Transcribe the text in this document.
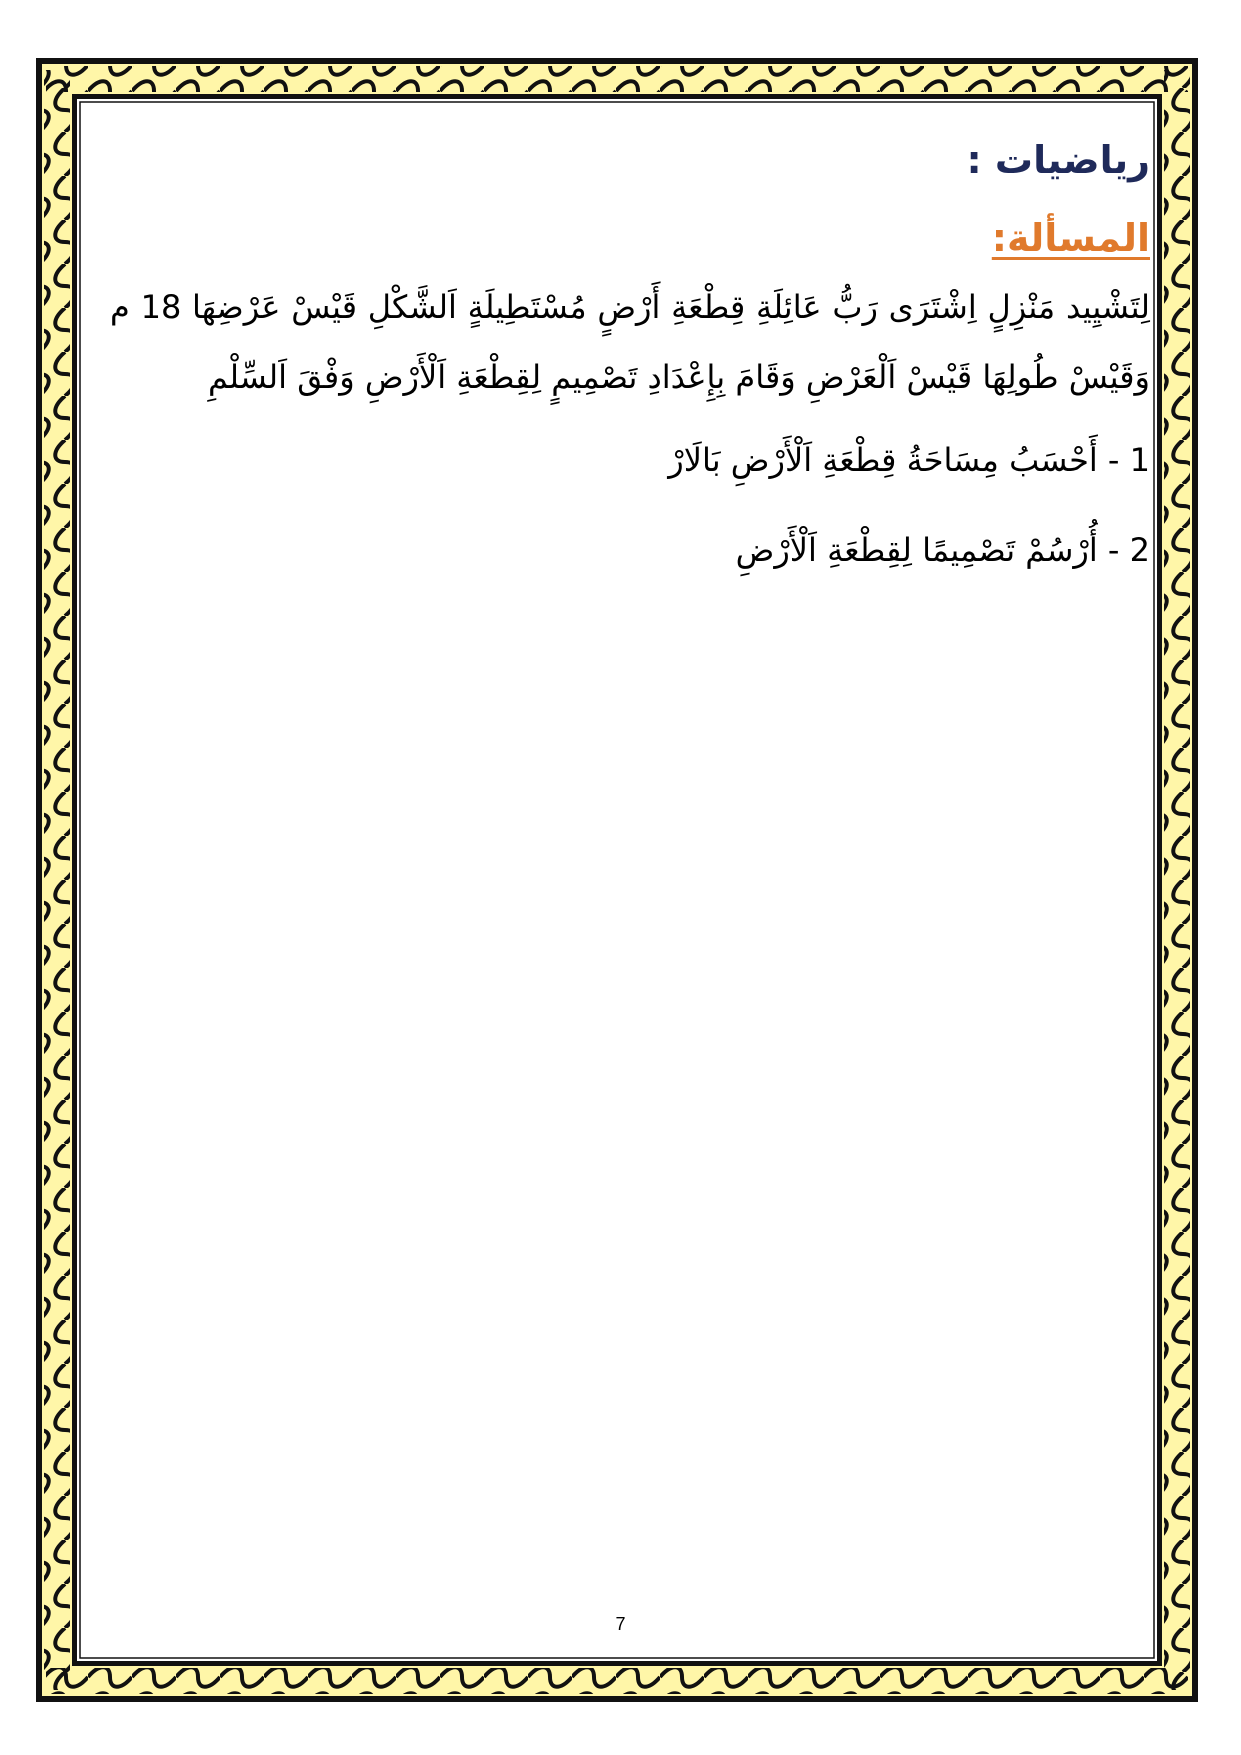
رياضيات :
المسألة:
لِتَشْيِيد مَنْزِلٍ اِشْتَرَى رَبُّ عَائِلَةِ قِطْعَةِ أَرْضٍ مُسْتَطِيلَةٍ اَلشَّكْلِ قَيْسْ عَرْضِهَا 18 م وَقَيْسْ طُولِهَا قَيْسْ اَلْعَرْضِ وَقَامَ بِإِعْدَادِ تَصْمِيمٍ لِقِطْعَةِ اَلْأَرْضِ وَفْقَ اَلسِّلْمِ
1 - أَحْسَبُ مِسَاحَةُ قِطْعَةِ اَلْأَرْضِ بَالَارْ
2 - أُرْسُمْ تَصْمِيمًا لِقِطْعَةِ اَلْأَرْضِ
7
